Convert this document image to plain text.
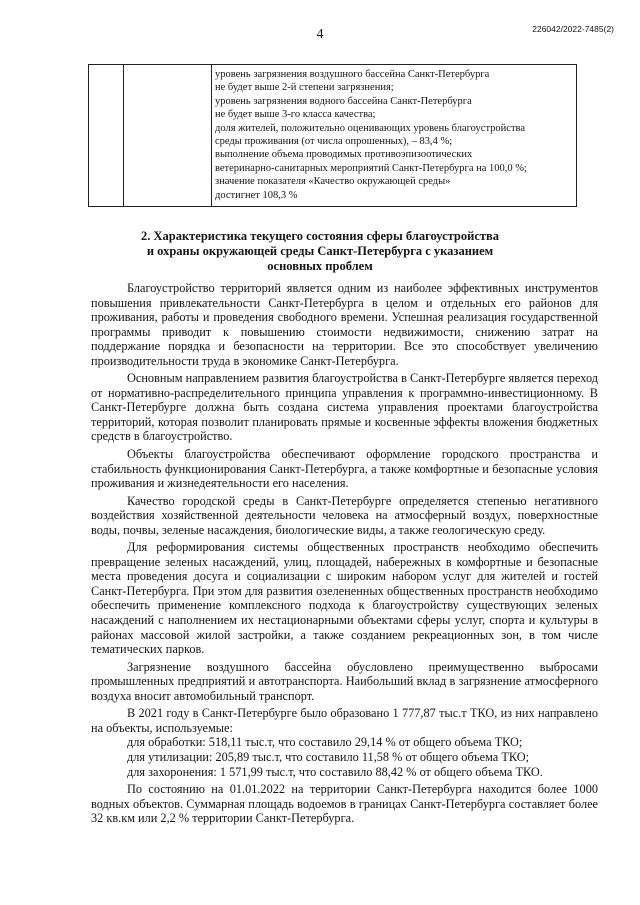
4	226042/2022-7485(2)
уровень загрязнения воздушного бассейна Санкт-Петербурга
не будет выше 2-й степени загрязнения;
уровень загрязнения водного бассейна Санкт-Петербурга
не будет выше 3-го класса качества;
доля жителей, положительно оценивающих уровень благоустройства
среды проживания (от числа опрошенных), – 83,4 %;
выполнение объема проводимых противоэпизоотических
ветеринарно-санитарных мероприятий Санкт-Петербурга на 100,0 %;
значение показателя «Качество окружающей среды»
достигнет 108,3 %
2. Характеристика текущего состояния сферы благоустройства
и охраны окружающей среды Санкт-Петербурга с указанием
основных проблем

Благоустройство территорий является одним из наиболее эффективных инструментов повышения привлекательности Санкт-Петербурга в целом и отдельных его районов для проживания, работы и проведения свободного времени. Успешная реализация государственной программы приводит к повышению стоимости недвижимости, снижению затрат на поддержание порядка и безопасности на территории. Все это способствует увеличению производительности труда в экономике Санкт-Петербурга.

Основным направлением развития благоустройства в Санкт-Петербурге является переход от нормативно-распределительного принципа управления к программно-инвестиционному. В Санкт-Петербурге должна быть создана система управления проектами благоустройства территорий, которая позволит планировать прямые и косвенные эффекты вложения бюджетных средств в благоустройство.

Объекты благоустройства обеспечивают оформление городского пространства и стабильность функционирования Санкт-Петербурга, а также комфортные и безопасные условия проживания и жизнедеятельности его населения.

Качество городской среды в Санкт-Петербурге определяется степенью негативного воздействия хозяйственной деятельности человека на атмосферный воздух, поверхностные воды, почвы, зеленые насаждения, биологические виды, а также геологическую среду.

Для реформирования системы общественных пространств необходимо обеспечить превращение зеленых насаждений, улиц, площадей, набережных в комфортные и безопасные места проведения досуга и социализации с широким набором услуг для жителей и гостей Санкт-Петербурга. При этом для развития озелененных общественных пространств необходимо обеспечить применение комплексного подхода к благоустройству существующих зеленых насаждений с наполнением их нестационарными объектами сферы услуг, спорта и культуры в районах массовой жилой застройки, а также созданием рекреационных зон, в том числе тематических парков.

Загрязнение воздушного бассейна обусловлено преимущественно выбросами промышленных предприятий и автотранспорта. Наибольший вклад в загрязнение атмосферного воздуха вносит автомобильный транспорт.

В 2021 году в Санкт-Петербурге было образовано 1 777,87 тыс.т ТКО, из них направлено на объекты, используемые:

для обработки: 518,11 тыс.т, что составило 29,14 % от общего объема ТКО;

для утилизации: 205,89 тыс.т, что составило 11,58 % от общего объема ТКО;

для захоронения: 1 571,99 тыс.т, что составило 88,42 % от общего объема ТКО.

По состоянию на 01.01.2022 на территории Санкт-Петербурга находится более 1000 водных объектов. Суммарная площадь водоемов в границах Санкт-Петербурга составляет более 32 кв.км или 2,2 % территории Санкт-Петербурга.
